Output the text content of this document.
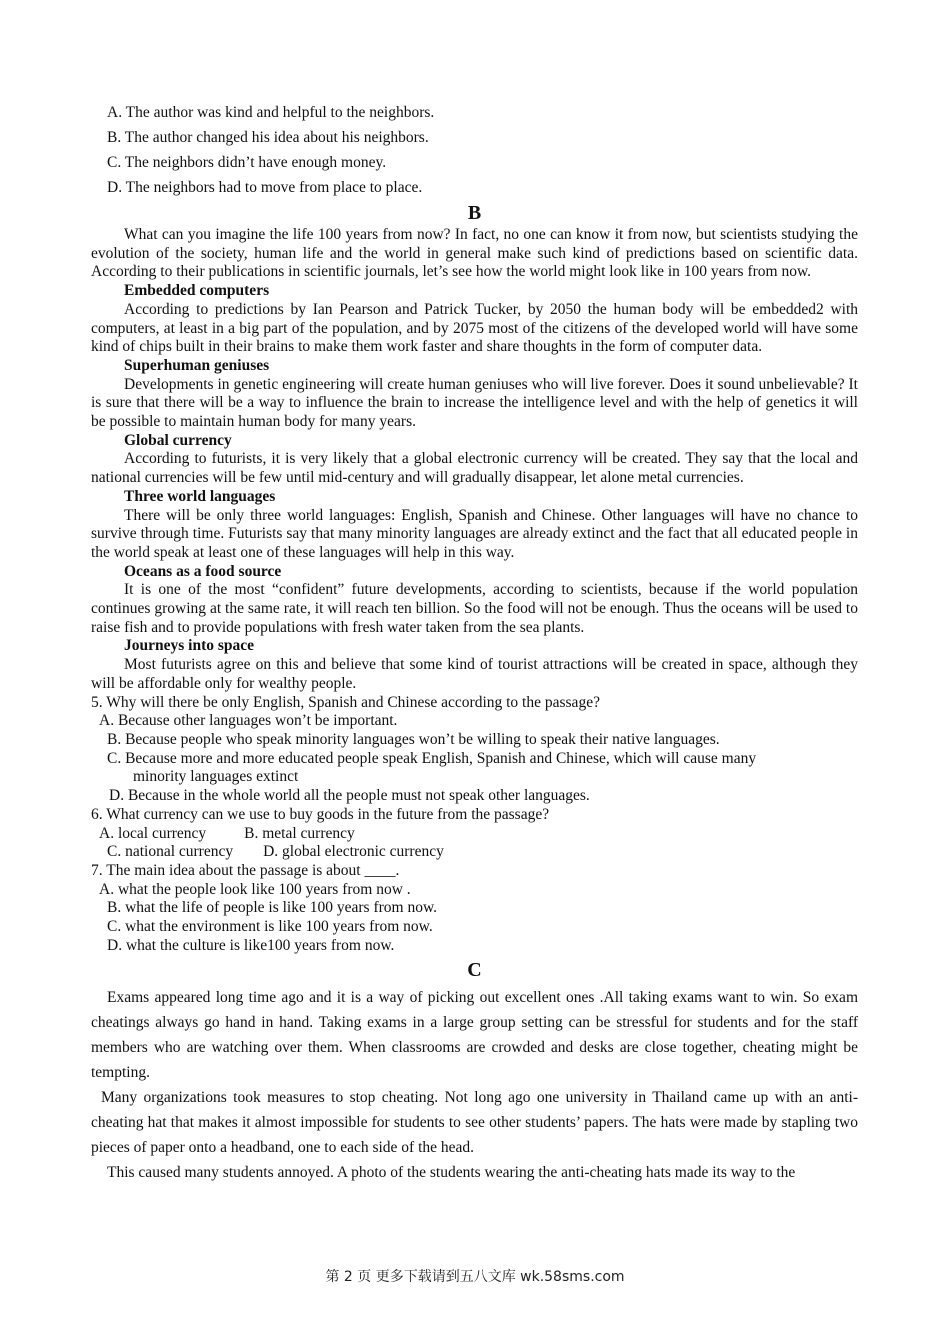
A. The author was kind and helpful to the neighbors.

B. The author changed his idea about his neighbors.

C. The neighbors didn’t have enough money.

D. The neighbors had to move from place to place.

B

What can you imagine the life 100 years from now? In fact, no one can know it from now, but scientists studying the evolution of the society, human life and the world in general make such kind of predictions based on scientific data. According to their publications in scientific journals, let’s see how the world might look like in 100 years from now.

Embedded computers

According to predictions by Ian Pearson and Patrick Tucker, by 2050 the human body will be embedded2 with computers, at least in a big part of the population, and by 2075 most of the citizens of the developed world will have some kind of chips built in their brains to make them work faster and share thoughts in the form of computer data.

Superhuman geniuses

Developments in genetic engineering will create human geniuses who will live forever. Does it sound unbelievable? It is sure that there will be a way to influence the brain to increase the intelligence level and with the help of genetics it will be possible to maintain human body for many years.

Global currency

According to futurists, it is very likely that a global electronic currency will be created. They say that the local and national currencies will be few until mid-century and will gradually disappear, let alone metal currencies.

Three world languages

There will be only three world languages: English, Spanish and Chinese. Other languages will have no chance to survive through time. Futurists say that many minority languages are already extinct and the fact that all educated people in the world speak at least one of these languages will help in this way.

Oceans as a food source

It is one of the most “confident” future developments, according to scientists, because if the world population continues growing at the same rate, it will reach ten billion. So the food will not be enough. Thus the oceans will be used to raise fish and to provide populations with fresh water taken from the sea plants.

Journeys into space

Most futurists agree on this and believe that some kind of tourist attractions will be created in space, although they will be affordable only for wealthy people.

5. Why will there be only English, Spanish and Chinese according to the passage?

A. Because other languages won’t be important.

B. Because people who speak minority languages won’t be willing to speak their native languages.

C. Because more and more educated people speak English, Spanish and Chinese, which will cause many
minority languages extinct

D. Because in the whole world all the people must not speak other languages.

6. What currency can we use to buy goods in the future from the passage?

A. local currency B. metal currency

C. national currency D. global electronic currency

7. The main idea about the passage is about ____.

A. what the people look like 100 years from now .

B. what the life of people is like 100 years from now.

C. what the environment is like 100 years from now.

D. what the culture is like100 years from now.

C

Exams appeared long time ago and it is a way of picking out excellent ones .All taking exams want to win. So exam cheatings always go hand in hand. Taking exams in a large group setting can be stressful for students and for the staff members who are watching over them. When classrooms are crowded and desks are close together, cheating might be tempting.

Many organizations took measures to stop cheating. Not long ago one university in Thailand came up with an anti-cheating hat that makes it almost impossible for students to see other students’ papers. The hats were made by stapling two pieces of paper onto a headband, one to each side of the head.

This caused many students annoyed. A photo of the students wearing the anti-cheating hats made its way to the

第 2 页 更多下载请到五八文库 wk.58sms.com
